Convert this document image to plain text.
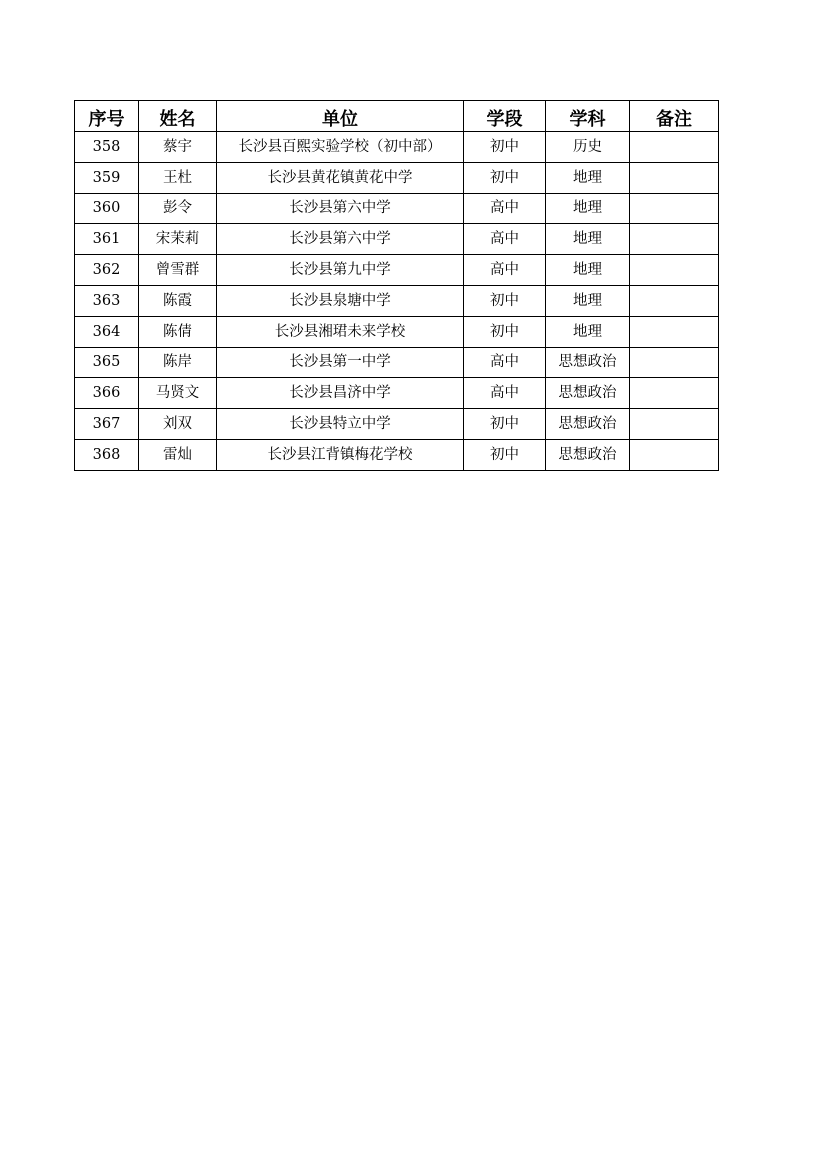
序号	姓名	单位	学段	学科	备注
358	蔡宇	长沙县百熙实验学校（初中部）	初中	历史	
359	王杜	长沙县黄花镇黄花中学	初中	地理	
360	彭令	长沙县第六中学	高中	地理	
361	宋茉莉	长沙县第六中学	高中	地理	
362	曾雪群	长沙县第九中学	高中	地理	
363	陈霞	长沙县泉塘中学	初中	地理	
364	陈倩	长沙县湘珺未来学校	初中	地理	
365	陈岸	长沙县第一中学	高中	思想政治	
366	马贤文	长沙县昌济中学	高中	思想政治	
367	刘双	长沙县特立中学	初中	思想政治	
368	雷灿	长沙县江背镇梅花学校	初中	思想政治	
